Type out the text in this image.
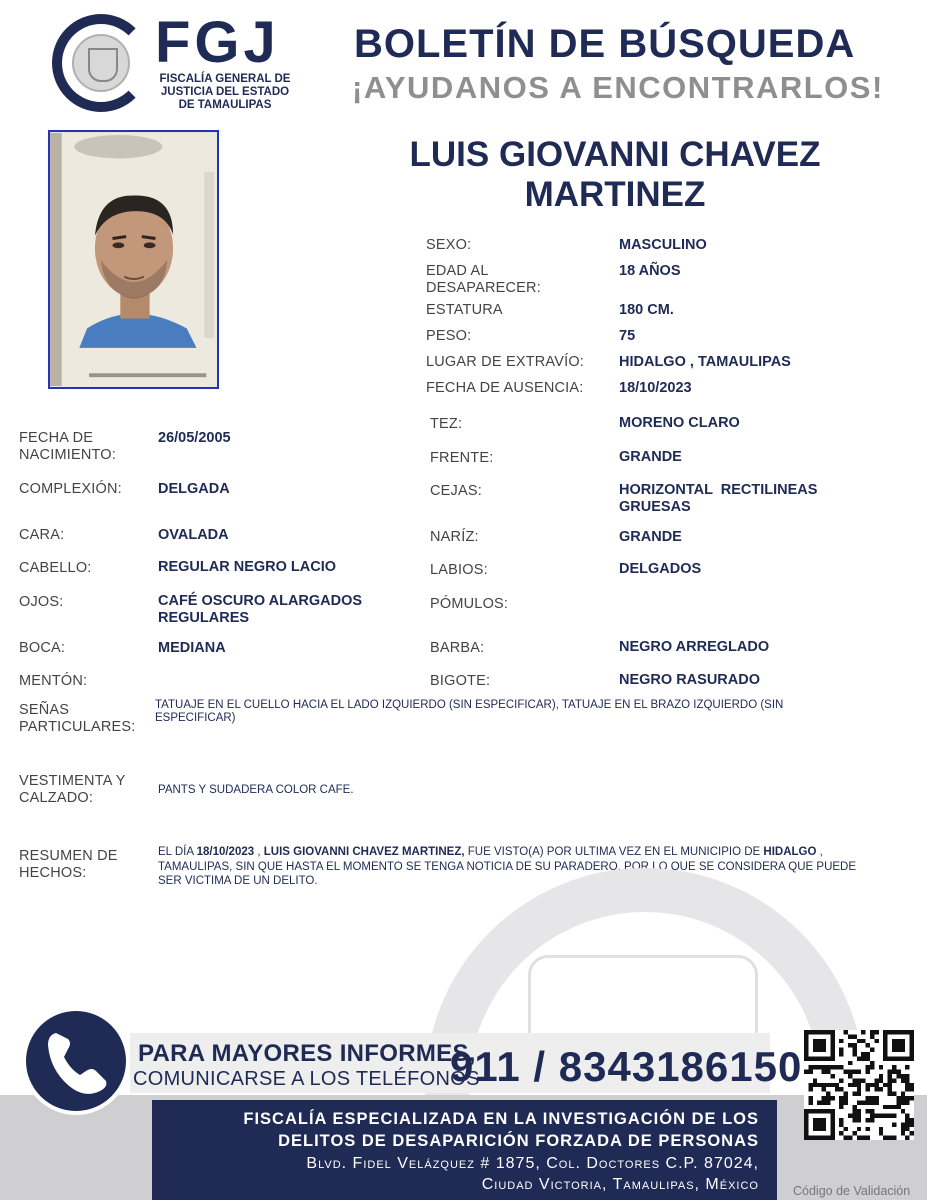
FGJ
FISCALÍA GENERAL DE JUSTICIA DEL ESTADO DE TAMAULIPAS
BOLETÍN DE BÚSQUEDA
¡AYUDANOS A ENCONTRARLOS!
LUIS GIOVANNI CHAVEZ
MARTINEZ
SEXO:	MASCULINO
EDAD AL DESAPARECER:
18 AÑOS
ESTATURA	180 CM.
PESO:	75
LUGAR DE EXTRAVÍO: HIDALGO , TAMAULIPAS
FECHA DE AUSENCIA: 18/10/2023
FECHA DE NACIMIENTO:
26/05/2005
COMPLEXIÓN: DELGADA
CARA:	OVALADA
CABELLO:	REGULAR NEGRO LACIO
OJOS:	CAFÉ OSCURO ALARGADOS REGULARES
BOCA:	MEDIANA
MENTÓN:
TEZ:	MORENO CLARO
FRENTE:	GRANDE
CEJAS:	HORIZONTAL  RECTILINEAS GRUESAS
NARÍZ:	GRANDE
LABIOS:	DELGADOS
PÓMULOS:
BARBA:	NEGRO ARREGLADO
BIGOTE:	NEGRO RASURADO
SEÑAS PARTICULARES:
TATUAJE EN EL CUELLO HACIA EL LADO IZQUIERDO (SIN ESPECIFICAR), TATUAJE EN EL BRAZO IZQUIERDO (SIN ESPECIFICAR)
VESTIMENTA Y CALZADO:	PANTS Y SUDADERA COLOR CAFE.
RESUMEN DE HECHOS:
EL DÍA 18/10/2023 , LUIS GIOVANNI CHAVEZ MARTINEZ, FUE VISTO(A) POR ULTIMA VEZ EN EL MUNICIPIO DE HIDALGO , TAMAULIPAS, SIN QUE HASTA EL MOMENTO SE TENGA NOTICIA DE SU PARADERO, POR LO QUE SE CONSIDERA QUE PUEDE SER VICTIMA DE UN DELITO.
PARA MAYORES INFORMES,
COMUNICARSE A LOS TELÉFONOS
911 / 8343186150
FISCALÍA ESPECIALIZADA EN LA INVESTIGACIÓN DE LOS
DELITOS DE DESAPARICIÓN FORZADA DE PERSONAS
Blvd. Fidel Velázquez # 1875, Col. Doctores C.P. 87024,
Ciudad Victoria, Tamaulipas, México	Código de Validación
